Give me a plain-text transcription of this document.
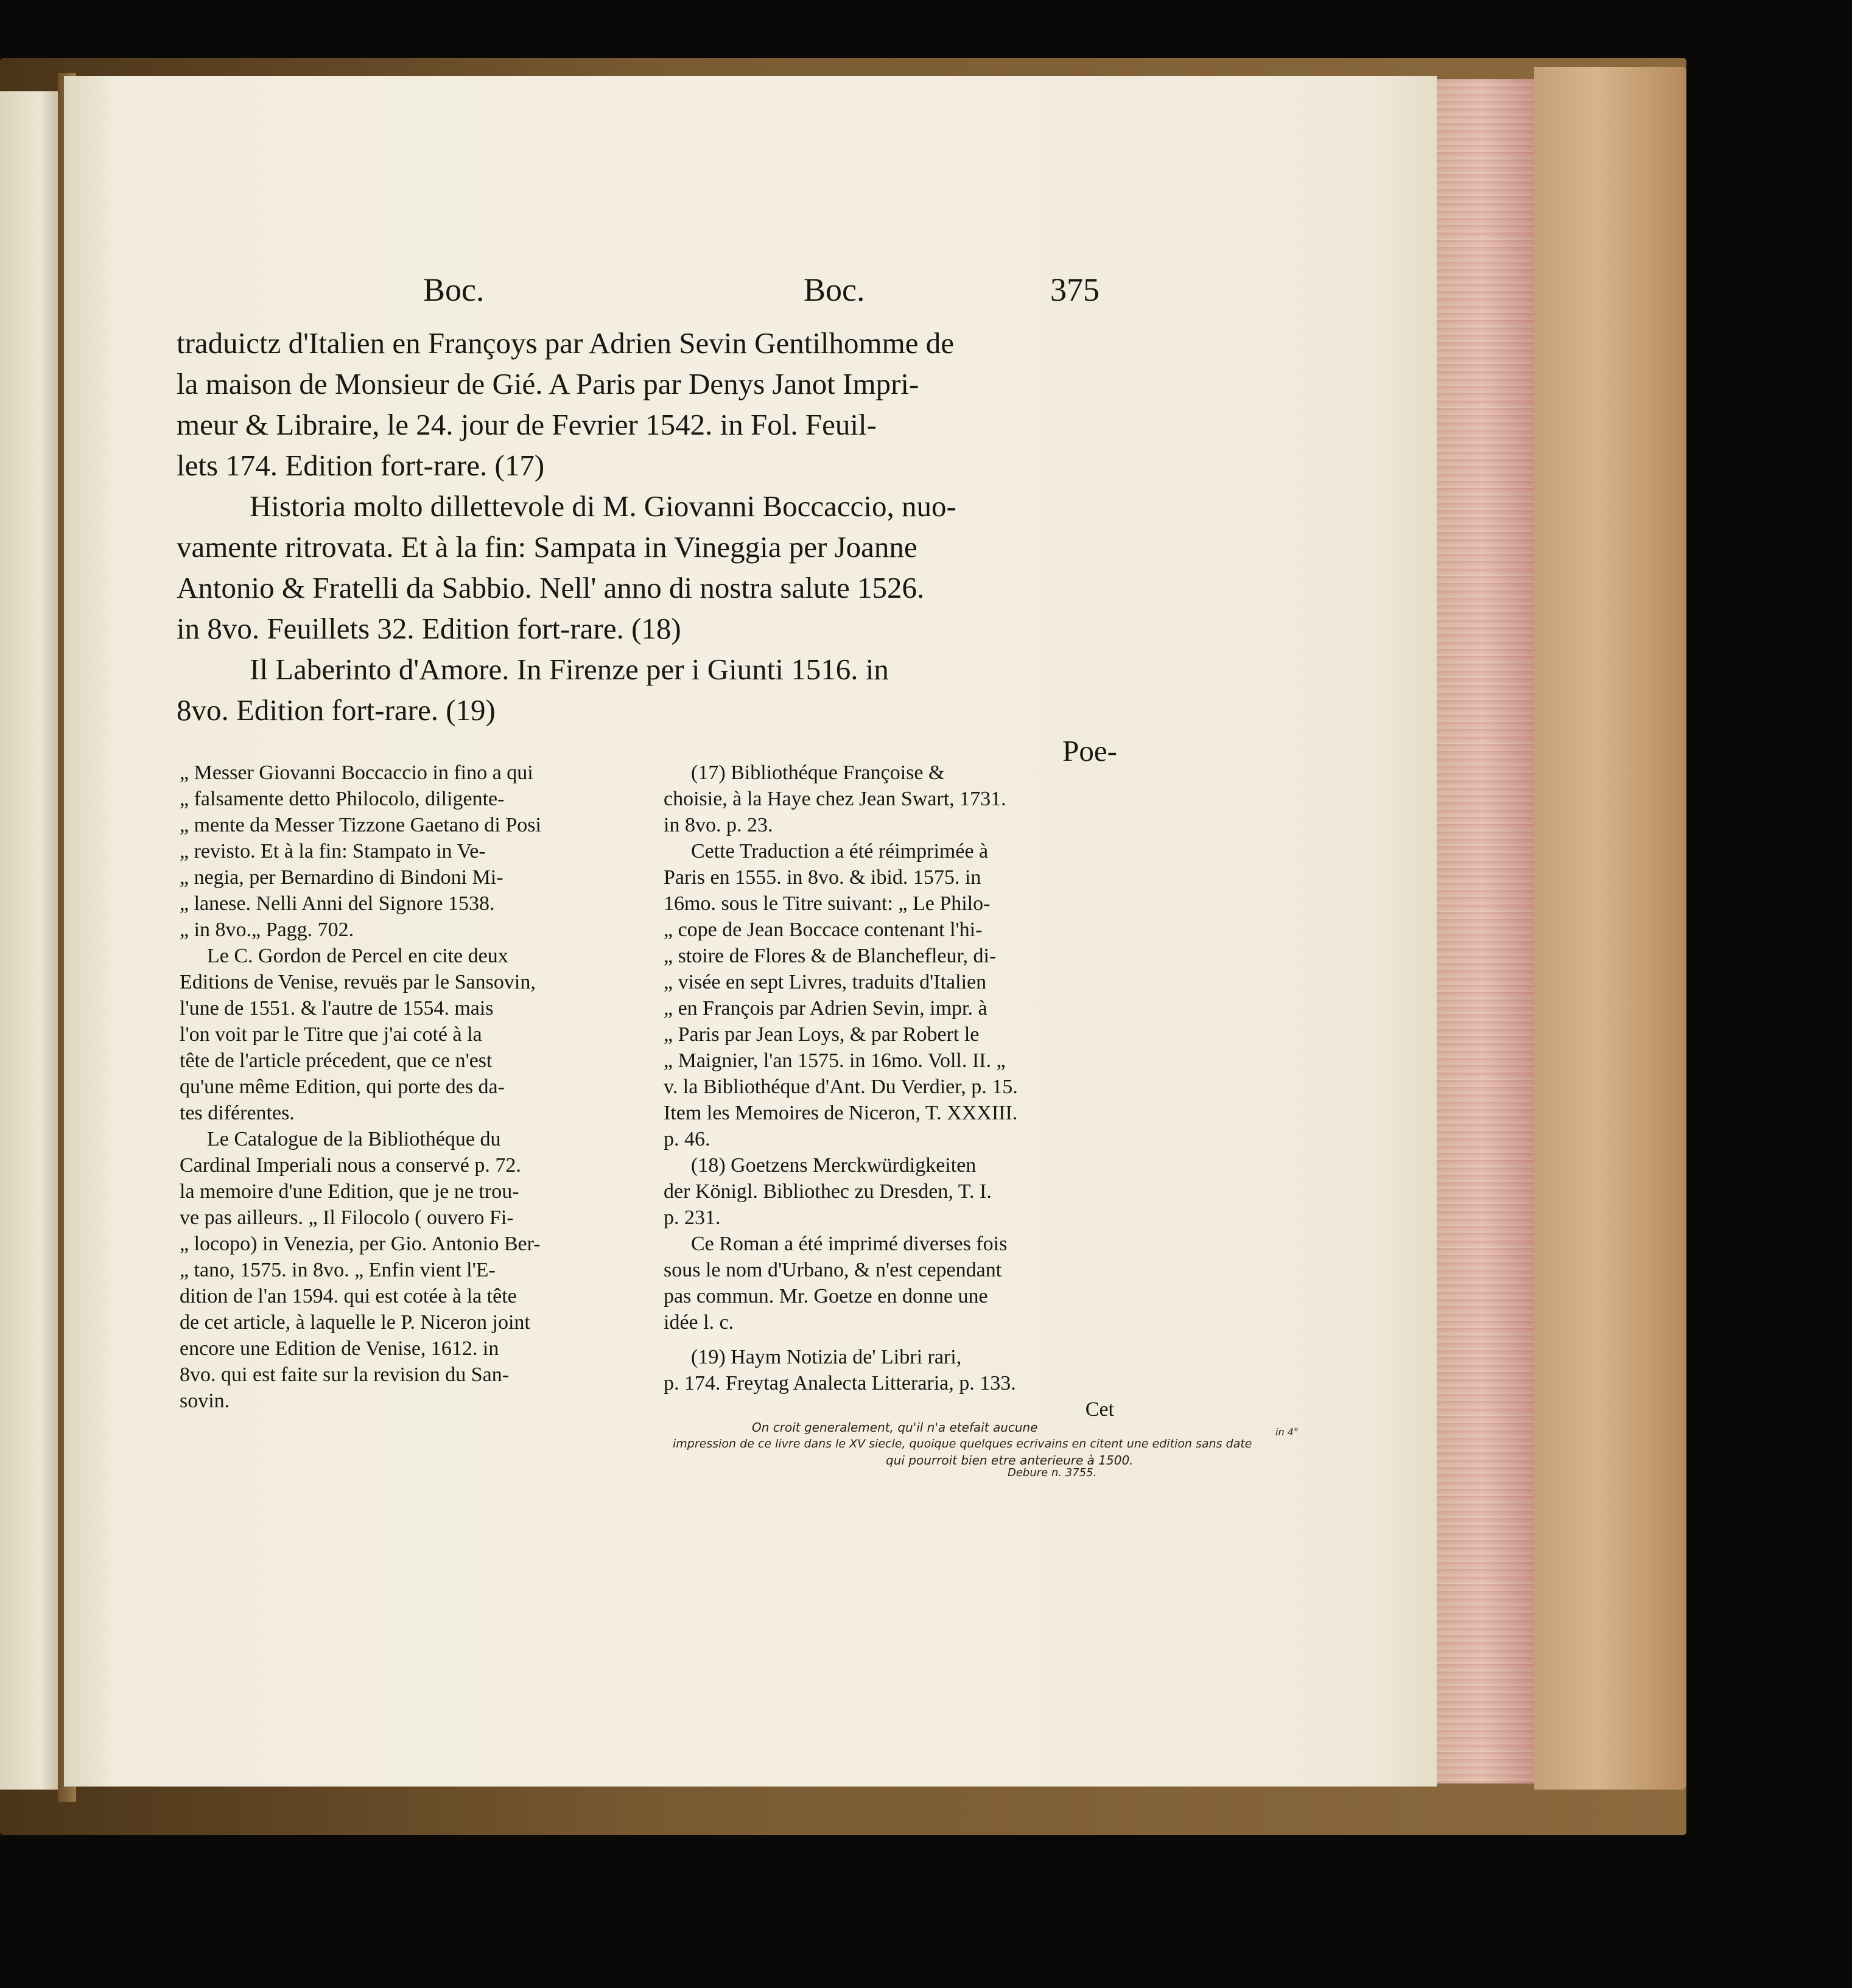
Boc.	Boc.	375
traduictz d'Italien en Françoys par Adrien Sevin Gentilhomme de
la maison de Monsieur de Gié. A Paris par Denys Janot Impri-
meur & Libraire, le 24. jour de Fevrier 1542. in Fol. Feuil-
lets 174. Edition fort-rare. (17)
Historia molto dillettevole di M. Giovanni Boccaccio, nuo-
vamente ritrovata. Et à la fin: Sampata in Vineggia per Joanne
Antonio & Fratelli da Sabbio. Nell' anno di nostra salute 1526.
in 8vo. Feuillets 32. Edition fort-rare. (18)
Il Laberinto d'Amore. In Firenze per i Giunti 1516. in
8vo. Edition fort-rare. (19)
Poe-
„ Messer Giovanni Boccaccio in fino a qui
„ falsamente detto Philocolo, diligente-
„ mente da Messer Tizzone Gaetano di Posi
„ revisto. Et à la fin: Stampato in Ve-
„ negia, per Bernardino di Bindoni Mi-
„ lanese. Nelli Anni del Signore 1538.
„ in 8vo.„ Pagg. 702.
Le C. Gordon de Percel en cite deux
Editions de Venise, revuës par le Sansovin,
l'une de 1551. & l'autre de 1554. mais
l'on voit par le Titre que j'ai coté à la
tête de l'article précedent, que ce n'est
qu'une même Edition, qui porte des da-
tes diférentes.
Le Catalogue de la Bibliothéque du
Cardinal Imperiali nous a conservé p. 72.
la memoire d'une Edition, que je ne trou-
ve pas ailleurs. „ Il Filocolo ( ouvero Fi-
„ locopo) in Venezia, per Gio. Antonio Ber-
„ tano, 1575. in 8vo. „ Enfin vient l'E-
dition de l'an 1594. qui est cotée à la tête
de cet article, à laquelle le P. Niceron joint
encore une Edition de Venise, 1612. in
8vo. qui est faite sur la revision du San-
sovin.
(17) Bibliothéque Françoise &
choisie, à la Haye chez Jean Swart, 1731.
in 8vo. p. 23.
Cette Traduction a été réimprimée à
Paris en 1555. in 8vo. & ibid. 1575. in
16mo. sous le Titre suivant: „ Le Philo-
„ cope de Jean Boccace contenant l'hi-
„ stoire de Flores & de Blanchefleur, di-
„ visée en sept Livres, traduits d'Italien
„ en François par Adrien Sevin, impr. à
„ Paris par Jean Loys, & par Robert le
„ Maignier, l'an 1575. in 16mo. Voll. II. „
v. la Bibliothéque d'Ant. Du Verdier, p. 15.
Item les Memoires de Niceron, T. XXXIII.
p. 46.
(18) Goetzens Merckwürdigkeiten
der Königl. Bibliothec zu Dresden, T. I.
p. 231.
Ce Roman a été imprimé diverses fois
sous le nom d'Urbano, & n'est cependant
pas commun. Mr. Goetze en donne une
idée l. c.
(19) Haym Notizia de' Libri rari,
p. 174. Freytag Analecta Litteraria, p. 133.
Cet
On croit generalement, qu'il n'a etefait aucune
impression de ce livre dans le XV siecle, quoique quelques ecrivains en citent une edition sans date
qui pourroit bien etre anterieure à 1500.
Debure n. 3755.
in 4°
